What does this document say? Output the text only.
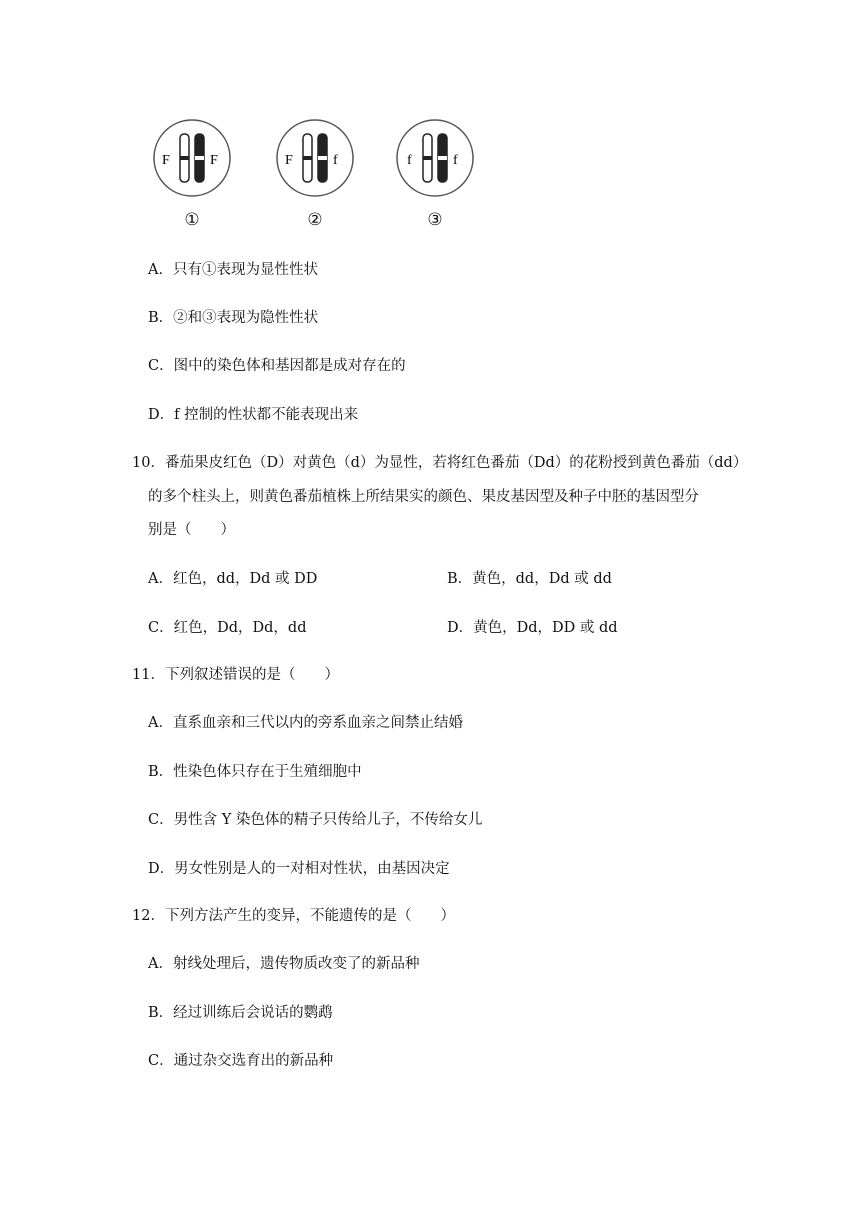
F	F
①
F	f
②
f	f
③
A．只有①表现为显性性状
B．②和③表现为隐性性状
C．图中的染色体和基因都是成对存在的
D．f 控制的性状都不能表现出来
10．番茄果皮红色（D）对黄色（d）为显性，若将红色番茄（Dd）的花粉授到黄色番茄（dd）
的多个柱头上，则黄色番茄植株上所结果实的颜色、果皮基因型及种子中胚的基因型分
别是（　　）
A．红色，dd，Dd 或 DD	B．黄色，dd，Dd 或 dd
C．红色，Dd，Dd，dd	D．黄色，Dd，DD 或 dd
11．下列叙述错误的是（　　）
A．直系血亲和三代以内的旁系血亲之间禁止结婚
B．性染色体只存在于生殖细胞中
C．男性含 Y 染色体的精子只传给儿子，不传给女儿
D．男女性别是人的一对相对性状，由基因决定
12．下列方法产生的变异，不能遗传的是（　　）
A．射线处理后，遗传物质改变了的新品种
B．经过训练后会说话的鹦鹉
C．通过杂交选育出的新品种
